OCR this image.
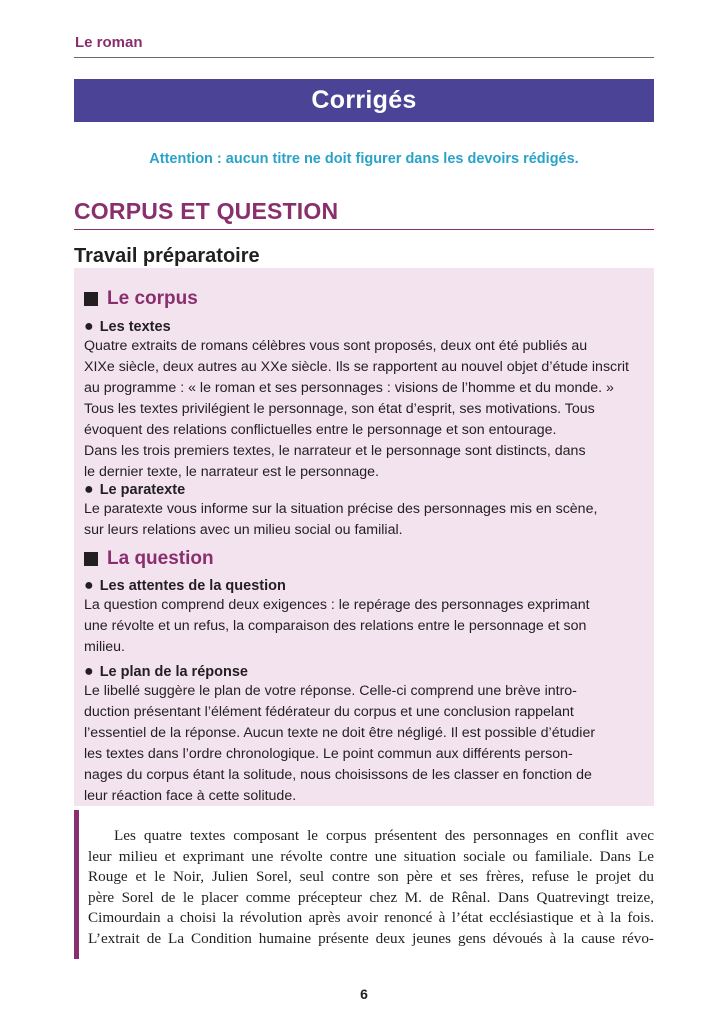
Le roman
Corrigés
Attention : aucun titre ne doit figurer dans les devoirs rédigés.
CORPUS ET QUESTION
Travail préparatoire
Le corpus
● Les textes
Quatre extraits de romans célèbres vous sont proposés, deux ont été publiés au
XIXe siècle, deux autres au XXe siècle. Ils se rapportent au nouvel objet d’étude inscrit
au programme : « le roman et ses personnages : visions de l’homme et du monde. »
Tous les textes privilégient le personnage, son état d’esprit, ses motivations. Tous
évoquent des relations conflictuelles entre le personnage et son entourage.
Dans les trois premiers textes, le narrateur et le personnage sont distincts, dans
le dernier texte, le narrateur est le personnage.
● Le paratexte
Le paratexte vous informe sur la situation précise des personnages mis en scène,
sur leurs relations avec un milieu social ou familial.
La question
● Les attentes de la question
La question comprend deux exigences : le repérage des personnages exprimant
une révolte et un refus, la comparaison des relations entre le personnage et son
milieu.
● Le plan de la réponse
Le libellé suggère le plan de votre réponse. Celle-ci comprend une brève intro-
duction présentant l’élément fédérateur du corpus et une conclusion rappelant
l’essentiel de la réponse. Aucun texte ne doit être négligé. Il est possible d’étudier
les textes dans l’ordre chronologique. Le point commun aux différents person-
nages du corpus étant la solitude, nous choisissons de les classer en fonction de
leur réaction face à cette solitude.
Les quatre textes composant le corpus présentent des personnages en conflit avec
leur milieu et exprimant une révolte contre une situation sociale ou familiale. Dans Le
Rouge et le Noir, Julien Sorel, seul contre son père et ses frères, refuse le projet du
père Sorel de le placer comme précepteur chez M. de Rênal. Dans Quatrevingt treize,
Cimourdain a choisi la révolution après avoir renoncé à l’état ecclésiastique et à la fois.
L’extrait de La Condition humaine présente deux jeunes gens dévoués à la cause révo-
6
